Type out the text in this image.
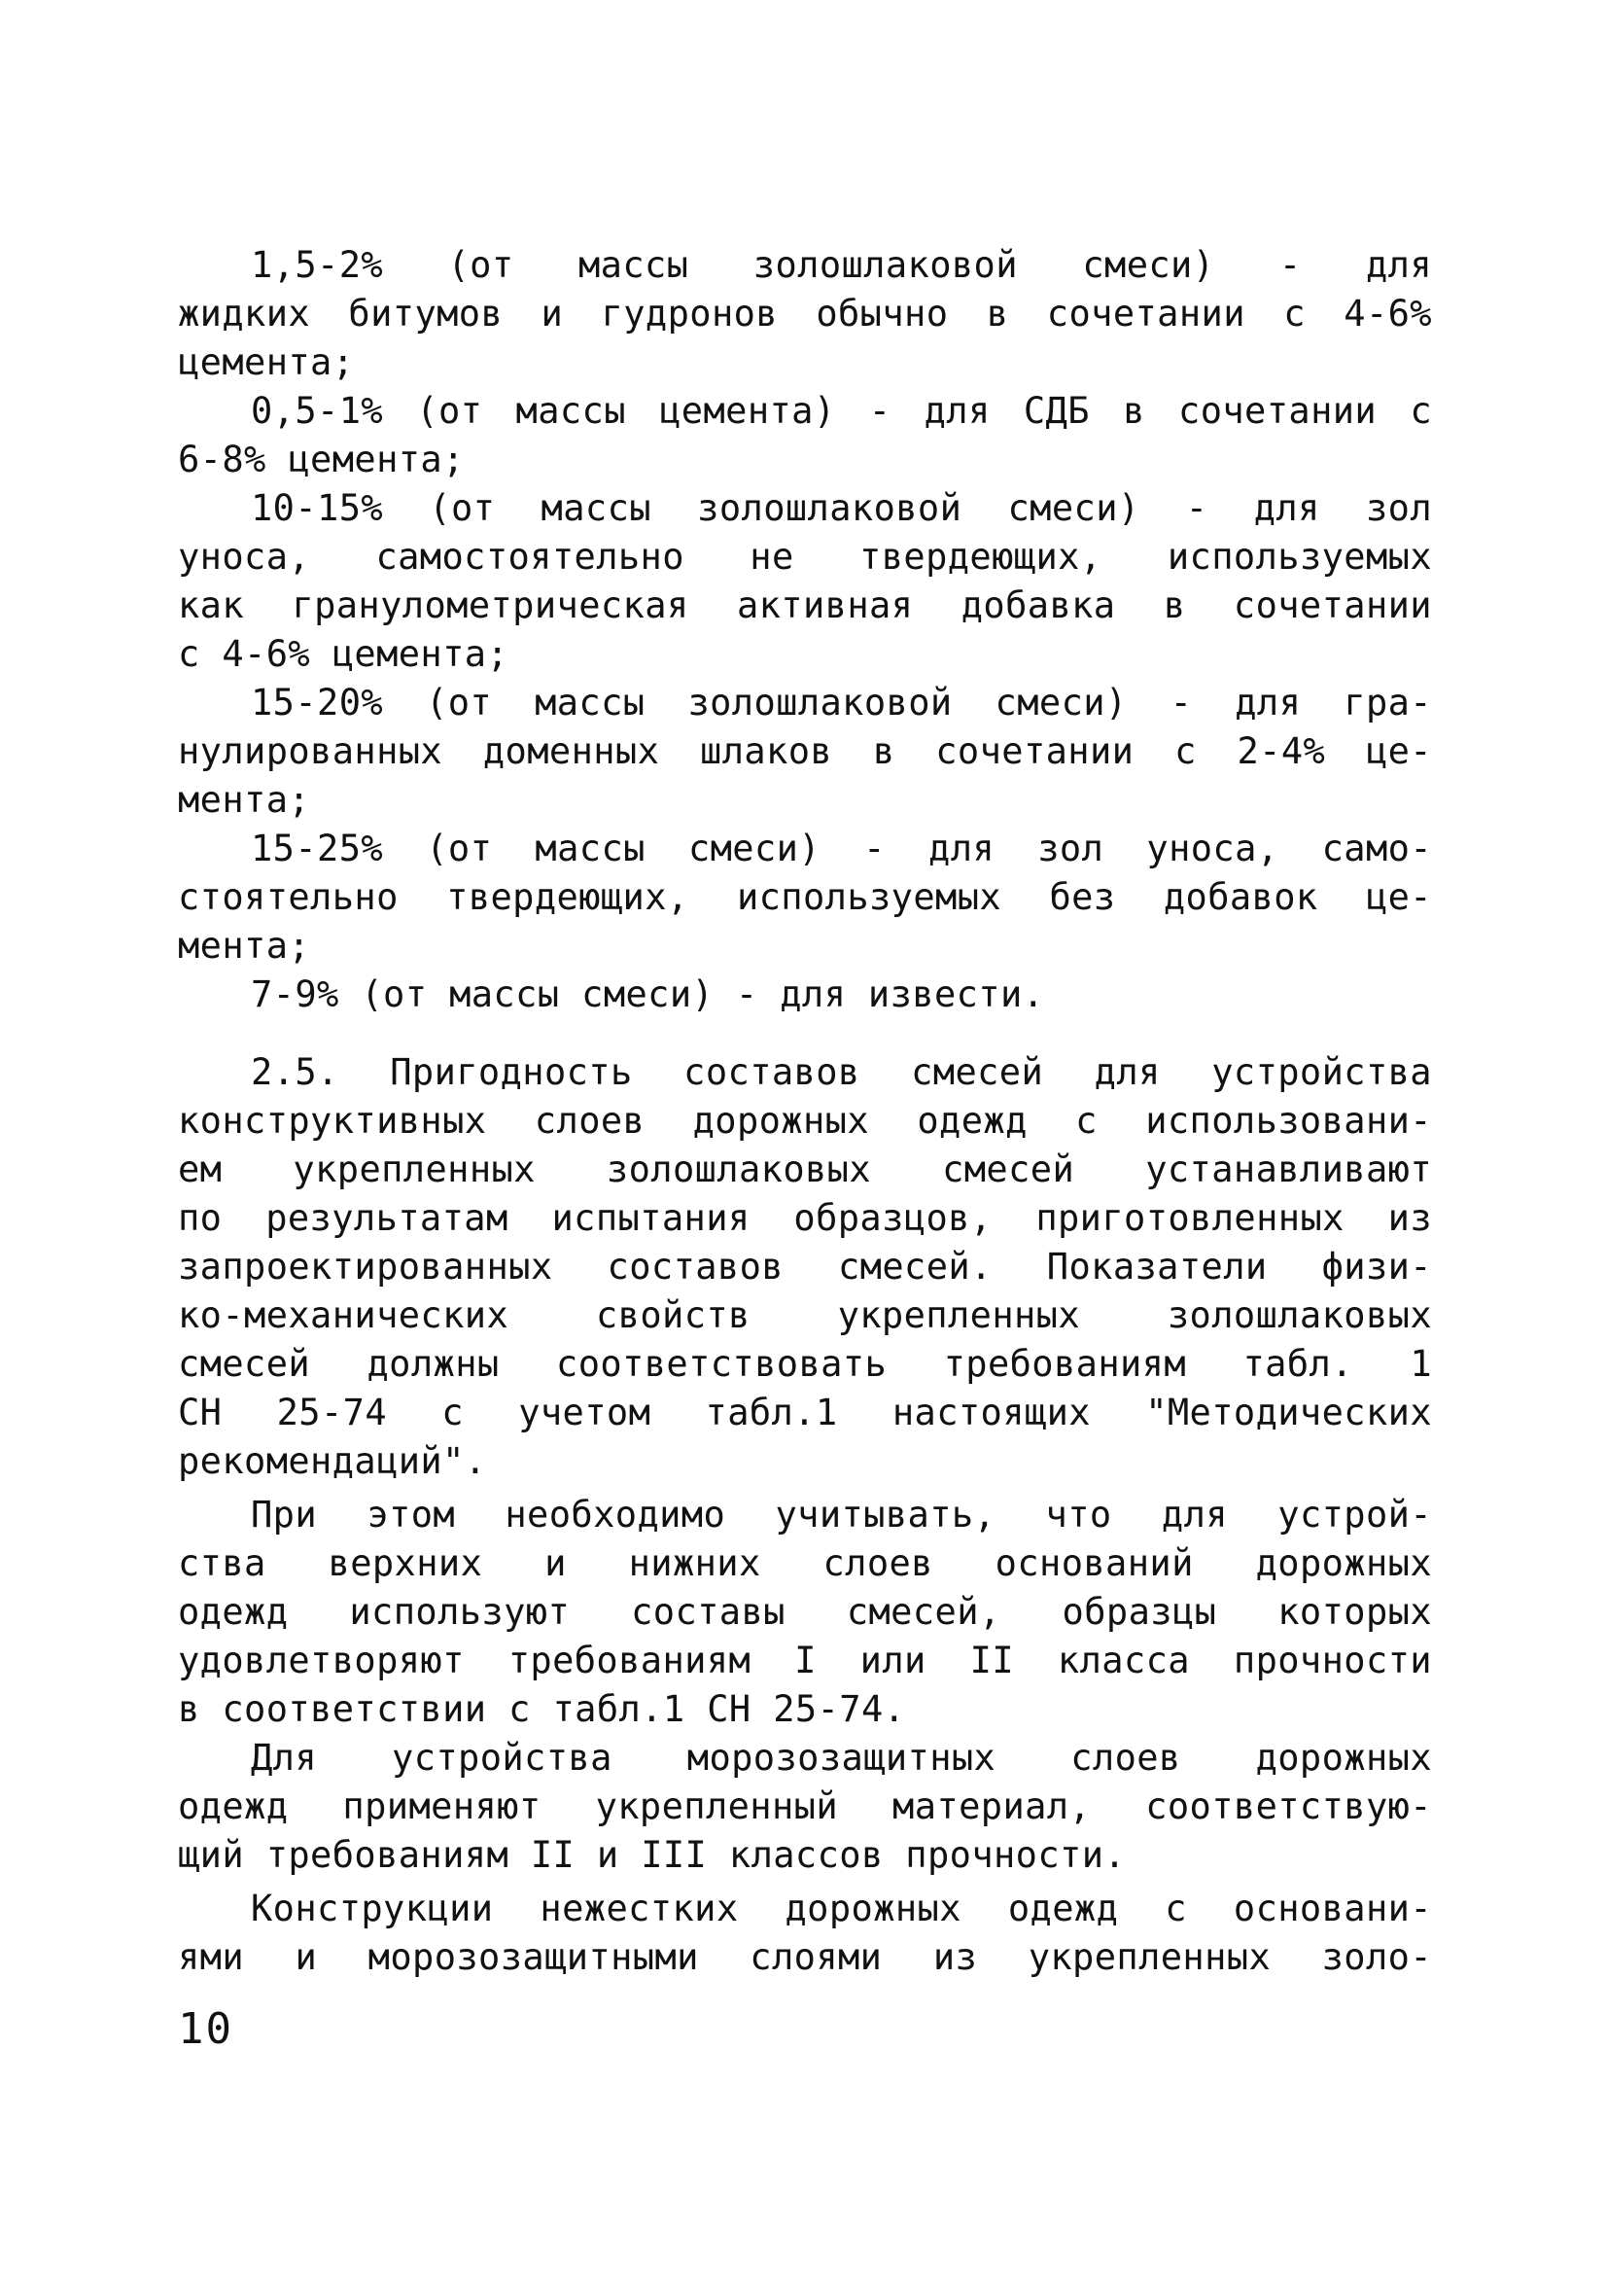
1,5-2% (от массы золошлаковой смеси) - для
жидких битумов и гудронов обычно в сочетании с 4-6%
цемента;
0,5-1% (от массы цемента) - для СДБ в сочетании с
6-8% цемента;
10-15% (от массы золошлаковой смеси) - для зол
уноса, самостоятельно не твердеющих, используемых
как гранулометрическая активная добавка в сочетании
с 4-6% цемента;
15-20% (от массы золошлаковой смеси) - для гра-
нулированных доменных шлаков в сочетании с 2-4% це-
мента;
15-25% (от массы смеси) - для зол уноса, само-
стоятельно твердеющих, используемых без добавок це-
мента;
7-9% (от массы смеси) - для извести.
2.5. Пригодность составов смесей для устройства
конструктивных слоев дорожных одежд с использовани-
ем укрепленных золошлаковых смесей устанавливают
по результатам испытания образцов, приготовленных из
запроектированных составов смесей. Показатели физи-
ко-механических свойств укрепленных золошлаковых
смесей должны соответствовать требованиям табл. 1
СН 25-74 с учетом табл.1 настоящих "Методических
рекомендаций".
При этом необходимо учитывать, что для устрой-
ства верхних и нижних слоев оснований дорожных
одежд используют составы смесей, образцы которых
удовлетворяют требованиям I или II класса прочности
в соответствии с табл.1 СН 25-74.
Для устройства морозозащитных слоев дорожных
одежд применяют укрепленный материал, соответствую-
щий требованиям II и III классов прочности.
Конструкции нежестких дорожных одежд с основани-
ями и морозозащитными слоями из укрепленных золо-
10
